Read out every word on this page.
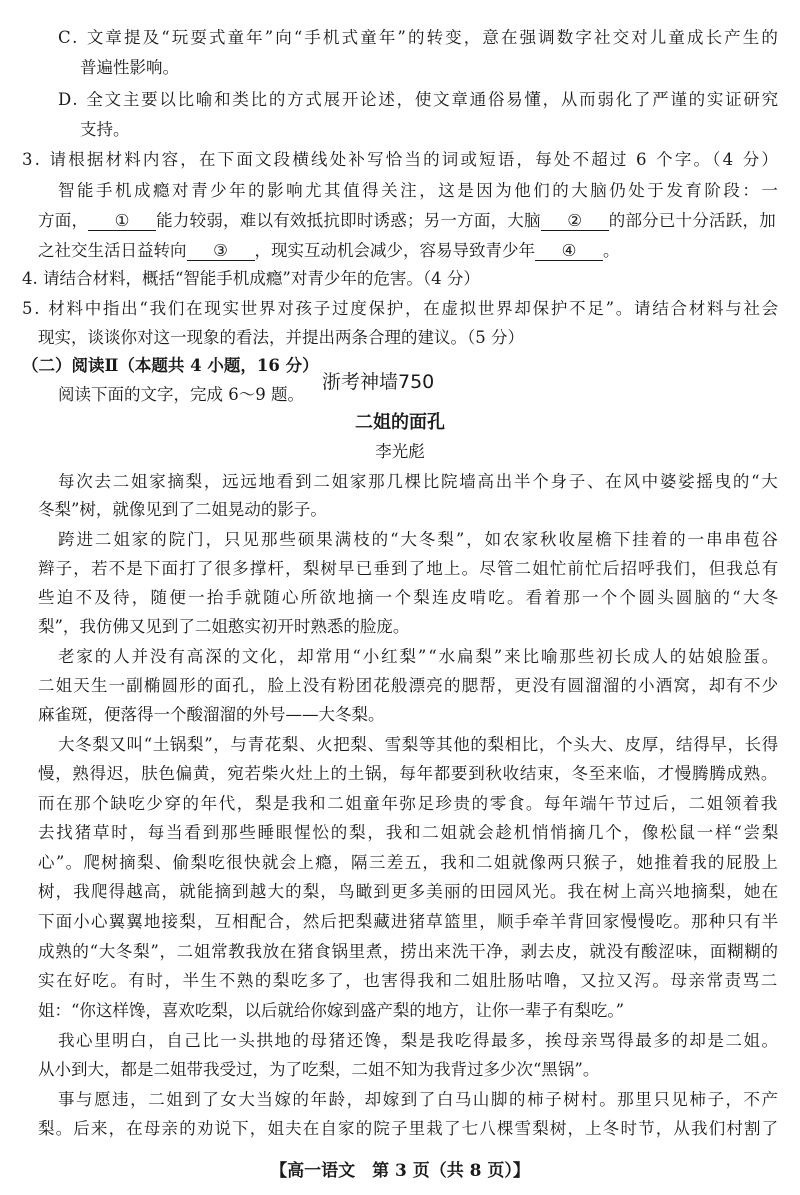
C. 文章提及“玩耍式童年”向“手机式童年”的转变，意在强调数字社交对儿童成长产生的
普遍性影响。
D. 全文主要以比喻和类比的方式展开论述，使文章通俗易懂，从而弱化了严谨的实证研究
支持。
3. 请根据材料内容，在下面文段横线处补写恰当的词或短语，每处不超过 6 个字。（4 分）
智能手机成瘾对青少年的影响尤其值得关注，这是因为他们的大脑仍处于发育阶段：一
方面， ① 能力较弱，难以有效抵抗即时诱惑；另一方面，大脑 ② 的部分已十分活跃，加
之社交生活日益转向 ③ ，现实互动机会减少，容易导致青少年 ④ 。
4. 请结合材料，概括“智能手机成瘾”对青少年的危害。（4 分）
5. 材料中指出“我们在现实世界对孩子过度保护，在虚拟世界却保护不足”。请结合材料与社会
现实，谈谈你对这一现象的看法，并提出两条合理的建议。（5 分）
（二）阅读Ⅱ（本题共 4 小题，16 分）
浙考神墙750
阅读下面的文字，完成 6～9 题。
二姐的面孔
李光彪
每次去二姐家摘梨，远远地看到二姐家那几棵比院墙高出半个身子、在风中婆娑摇曳的“大
冬梨”树，就像见到了二姐晃动的影子。
跨进二姐家的院门，只见那些硕果满枝的“大冬梨”，如农家秋收屋檐下挂着的一串串苞谷
辫子，若不是下面打了很多撑杆，梨树早已垂到了地上。尽管二姐忙前忙后招呼我们，但我总有
些迫不及待，随便一抬手就随心所欲地摘一个梨连皮啃吃。看着那一个个圆头圆脑的“大冬
梨”，我仿佛又见到了二姐憨实初开时熟悉的脸庞。
老家的人并没有高深的文化，却常用“小红梨”“水扁梨”来比喻那些初长成人的姑娘脸蛋。
二姐天生一副椭圆形的面孔，脸上没有粉团花般漂亮的腮帮，更没有圆溜溜的小酒窝，却有不少
麻雀斑，便落得一个酸溜溜的外号——大冬梨。
大冬梨又叫“土锅梨”，与青花梨、火把梨、雪梨等其他的梨相比，个头大、皮厚，结得早，长得
慢，熟得迟，肤色偏黄，宛若柴火灶上的土锅，每年都要到秋收结束，冬至来临，才慢腾腾成熟。
而在那个缺吃少穿的年代，梨是我和二姐童年弥足珍贵的零食。每年端午节过后，二姐领着我
去找猪草时，每当看到那些睡眼惺忪的梨，我和二姐就会趁机悄悄摘几个，像松鼠一样“尝梨
心”。爬树摘梨、偷梨吃很快就会上瘾，隔三差五，我和二姐就像两只猴子，她推着我的屁股上
树，我爬得越高，就能摘到越大的梨，鸟瞰到更多美丽的田园风光。我在树上高兴地摘梨，她在
下面小心翼翼地接梨，互相配合，然后把梨藏进猪草篮里，顺手牵羊背回家慢慢吃。那种只有半
成熟的“大冬梨”，二姐常教我放在猪食锅里煮，捞出来洗干净，剥去皮，就没有酸涩味，面糊糊的
实在好吃。有时，半生不熟的梨吃多了，也害得我和二姐肚肠咕噜，又拉又泻。母亲常责骂二
姐：“你这样馋，喜欢吃梨，以后就给你嫁到盛产梨的地方，让你一辈子有梨吃。”
我心里明白，自己比一头拱地的母猪还馋，梨是我吃得最多，挨母亲骂得最多的却是二姐。
从小到大，都是二姐带我受过，为了吃梨，二姐不知为我背过多少次“黑锅”。
事与愿违，二姐到了女大当嫁的年龄，却嫁到了白马山脚的柿子树村。那里只见柿子，不产
梨。后来，在母亲的劝说下，姐夫在自家的院子里栽了七八棵雪梨树，上冬时节，从我们村割了
【高一语文　第 3 页（共 8 页）】
